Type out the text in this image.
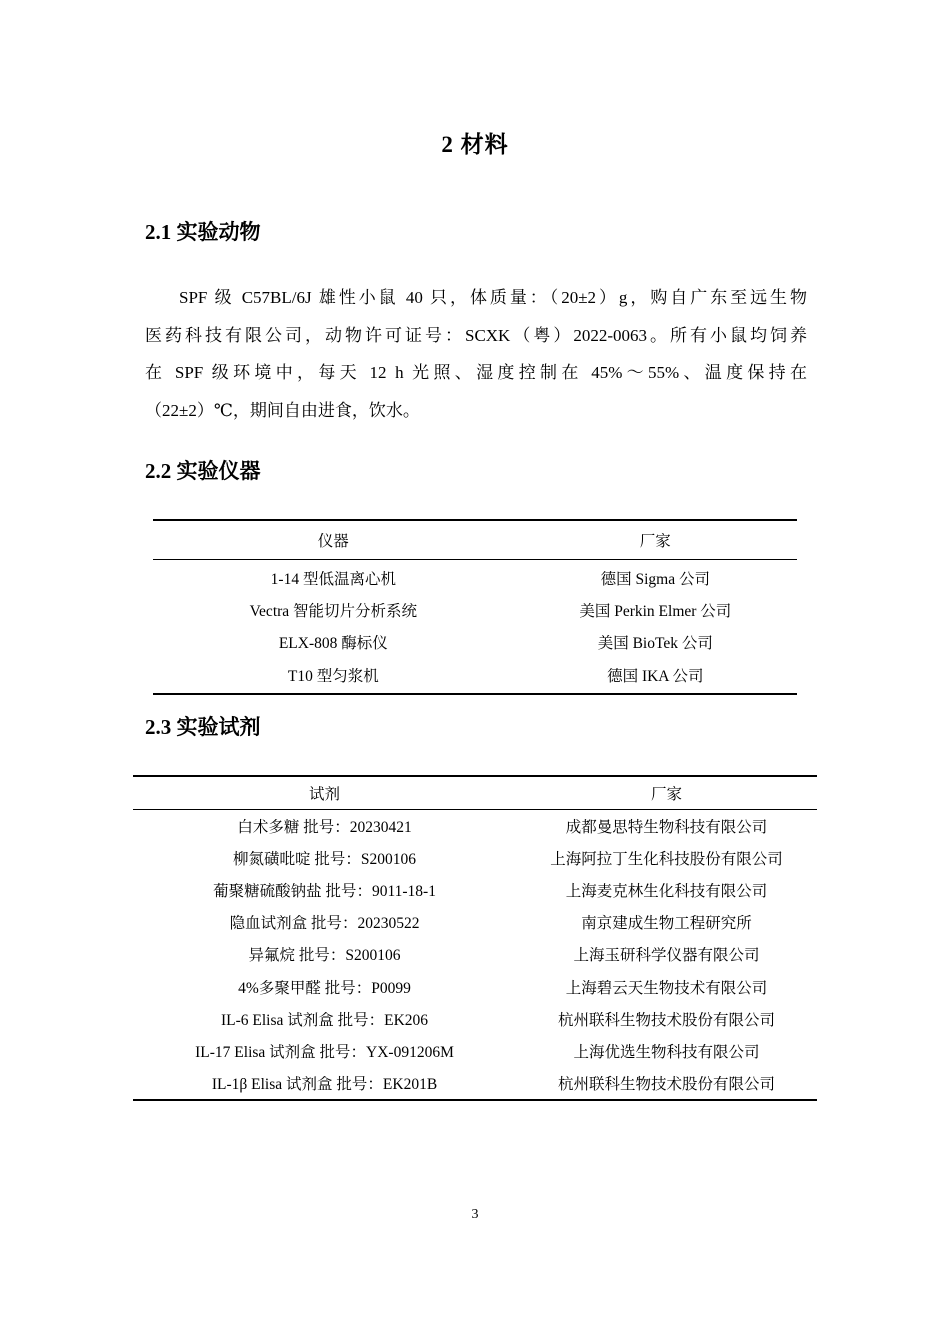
2 材料
2.1 实验动物
SPF 级 C57BL/6J 雄性小鼠 40 只，体质量：（20±2）g，购自广东至远生物
医药科技有限公司，动物许可证号：SCXK（粤）2022-0063。所有小鼠均饲养
在 SPF 级环境中，每天 12 h 光照、湿度控制在 45%～55%、温度保持在
（22±2）℃，期间自由进食，饮水。
2.2 实验仪器
仪器	厂家
1-14 型低温离心机	德国 Sigma 公司
Vectra 智能切片分析系统	美国 Perkin Elmer 公司
ELX-808 酶标仪	美国 BioTek 公司
T10 型匀浆机	德国 IKA 公司
2.3 实验试剂
试剂	厂家
白术多糖 批号：20230421	成都曼思特生物科技有限公司
柳氮磺吡啶 批号：S200106	上海阿拉丁生化科技股份有限公司
葡聚糖硫酸钠盐 批号：9011-18-1	上海麦克林生化科技有限公司
隐血试剂盒 批号：20230522	南京建成生物工程研究所
异氟烷 批号：S200106	上海玉研科学仪器有限公司
4%多聚甲醛 批号：P0099	上海碧云天生物技术有限公司
IL-6 Elisa 试剂盒 批号：EK206	杭州联科生物技术股份有限公司
IL-17 Elisa 试剂盒 批号：YX-091206M	上海优选生物科技有限公司
IL-1β Elisa 试剂盒 批号：EK201B	杭州联科生物技术股份有限公司
3
